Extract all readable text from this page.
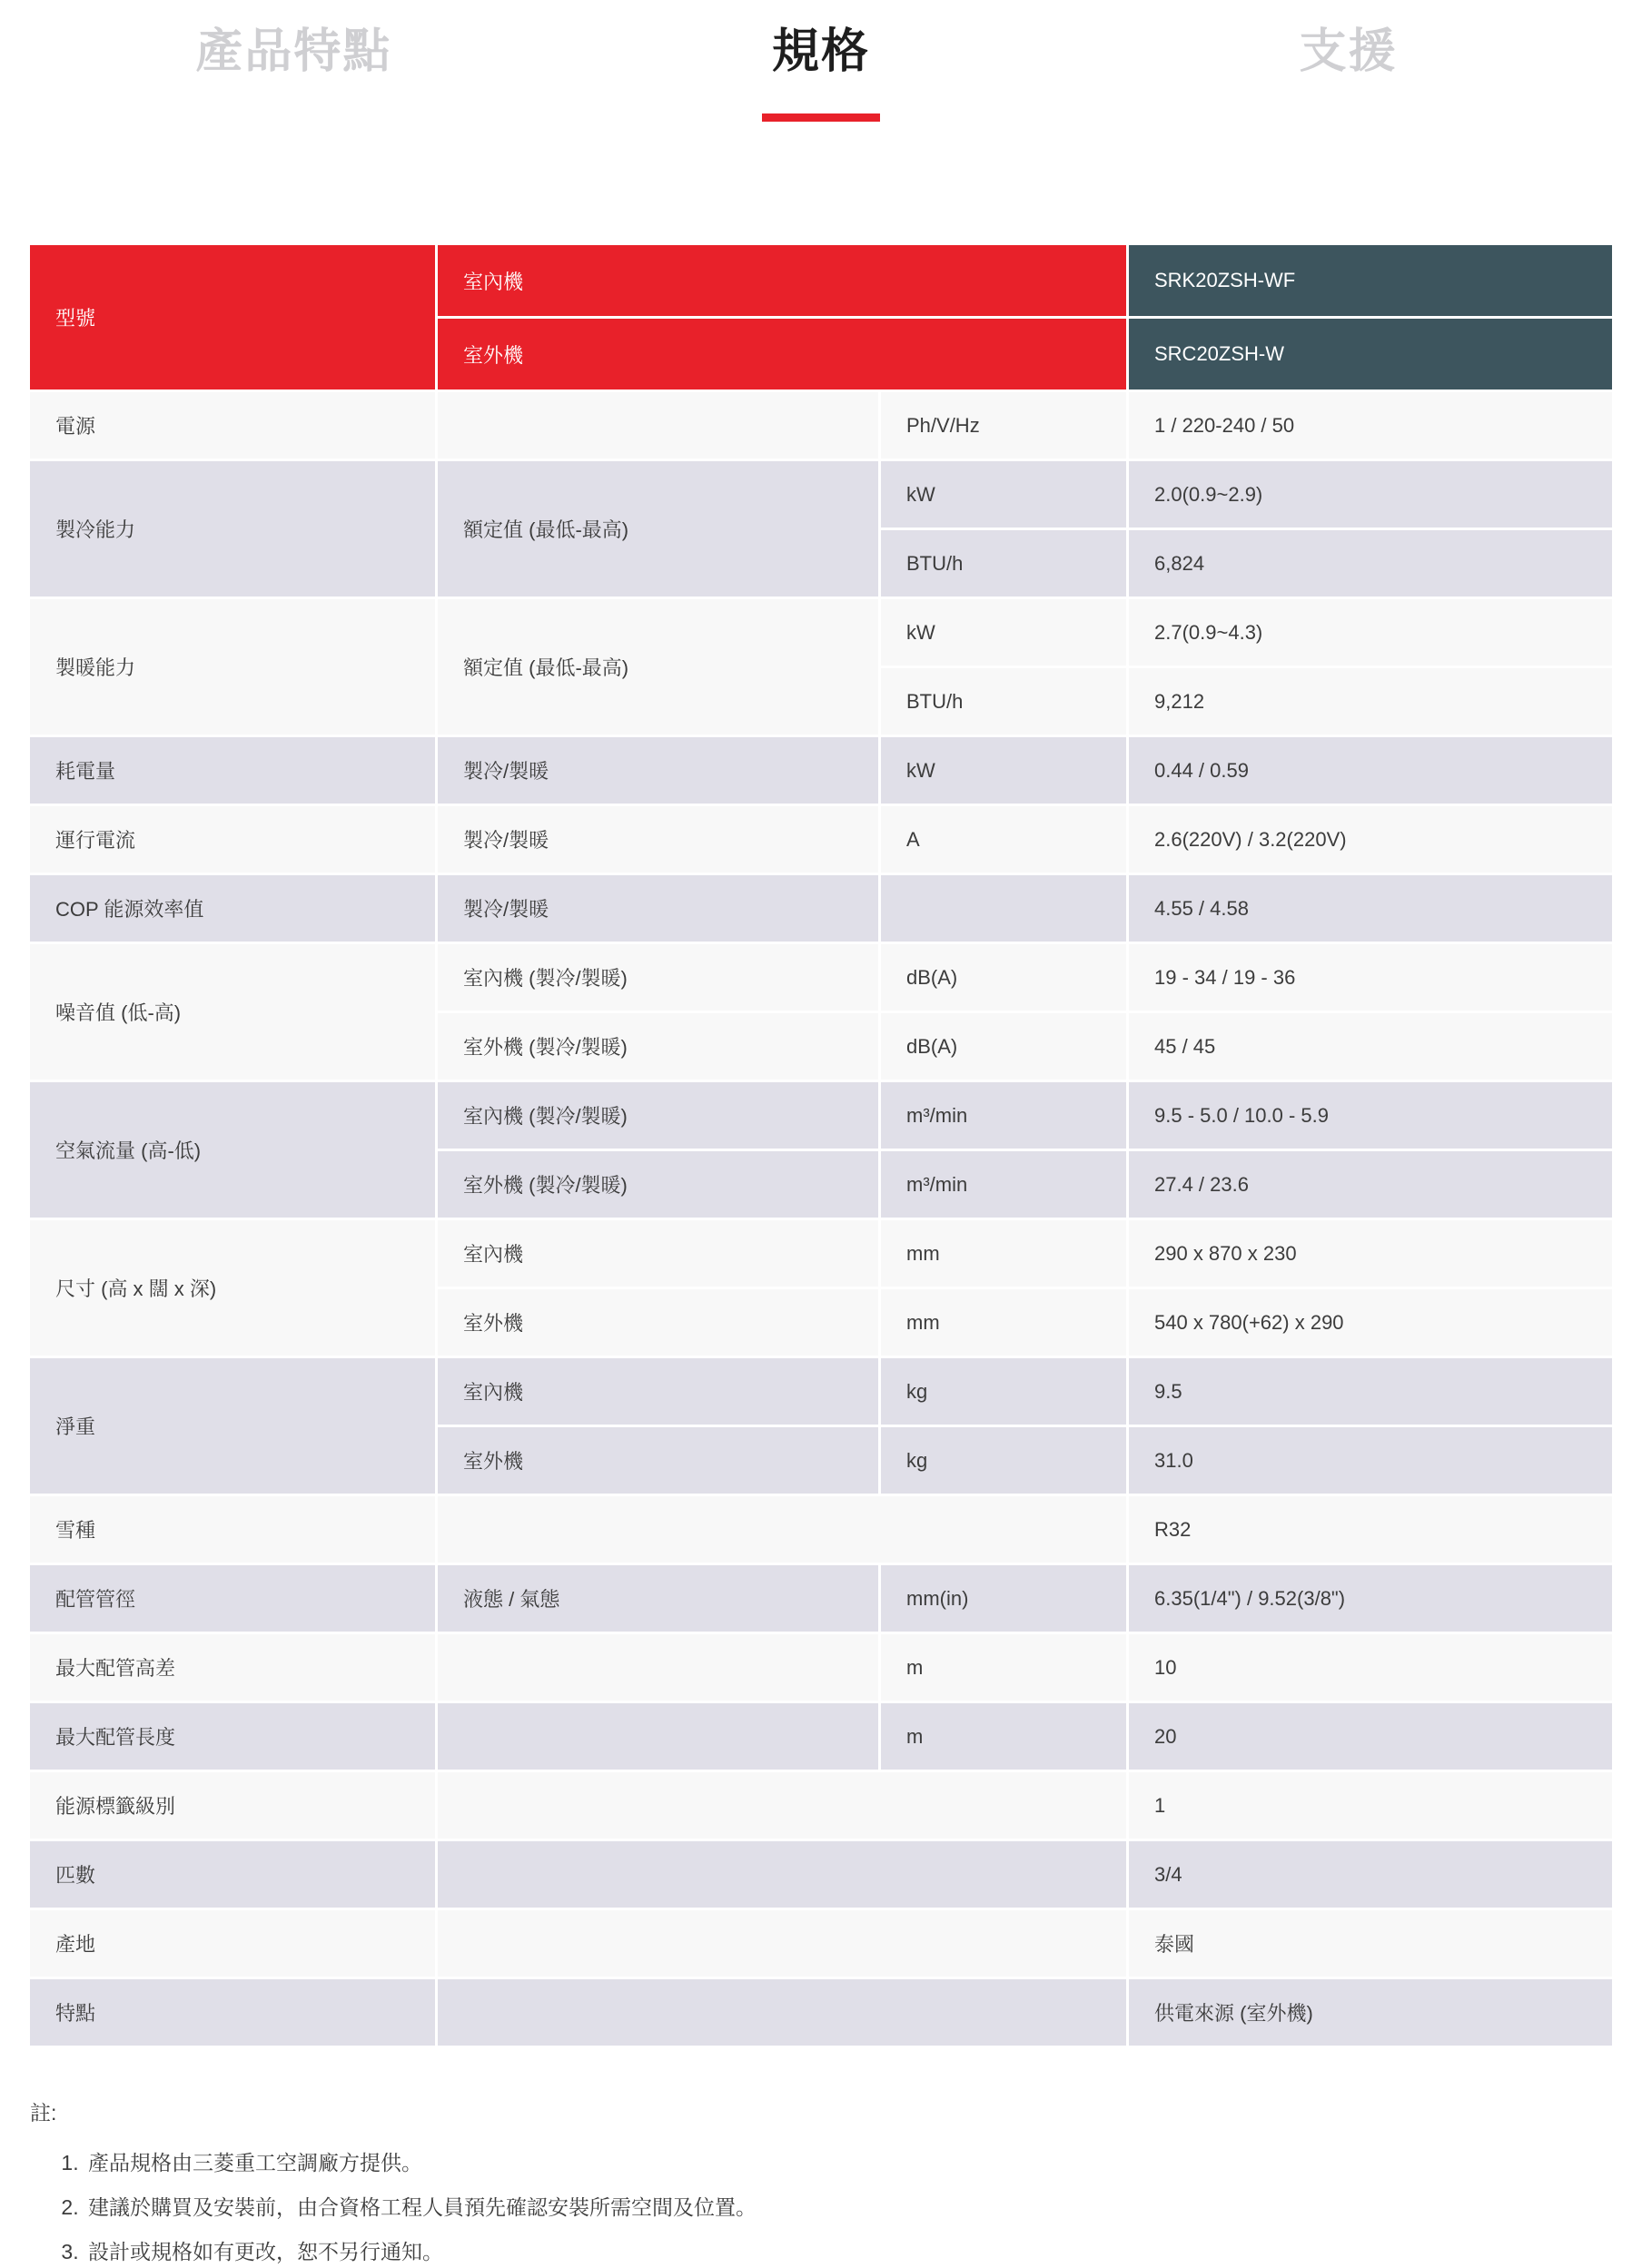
產品特點	規格	支援
型號
室內機	SRK20ZSH-WF
室外機	SRC20ZSH-W
電源	Ph/V/Hz	1 / 220-240 / 50
製冷能力	額定值 (最低-最高)
kW	2.0(0.9~2.9)
BTU/h	6,824
製暖能力	額定值 (最低-最高)
kW	2.7(0.9~4.3)
BTU/h	9,212
耗電量	製冷/製暖	kW	0.44 / 0.59
運行電流	製冷/製暖	A	2.6(220V) / 3.2(220V)
COP 能源效率值	製冷/製暖	4.55 / 4.58
噪音值 (低-高)
室內機 (製冷/製暖)	dB(A)	19 - 34 / 19 - 36
室外機 (製冷/製暖)	dB(A)	45 / 45
空氣流量 (高-低)
室內機 (製冷/製暖)	m³/min	9.5 - 5.0 / 10.0 - 5.9
室外機 (製冷/製暖)	m³/min	27.4 / 23.6
尺寸 (高 x 闊 x 深)
室內機	mm	290 x 870 x 230
室外機	mm	540 x 780(+62) x 290
淨重
室內機	kg	9.5
室外機	kg	31.0
雪種	R32
配管管徑	液態 / 氣態	mm(in)	6.35(1/4") / 9.52(3/8")
最大配管高差	m	10
最大配管長度	m	20
能源標籤級別	1
匹數	3/4
產地	泰國
特點	供電來源 (室外機)
註:
1. 產品規格由三菱重工空調廠方提供。
2. 建議於購買及安裝前，由合資格工程人員預先確認安裝所需空間及位置。
3. 設計或規格如有更改，恕不另行通知。
